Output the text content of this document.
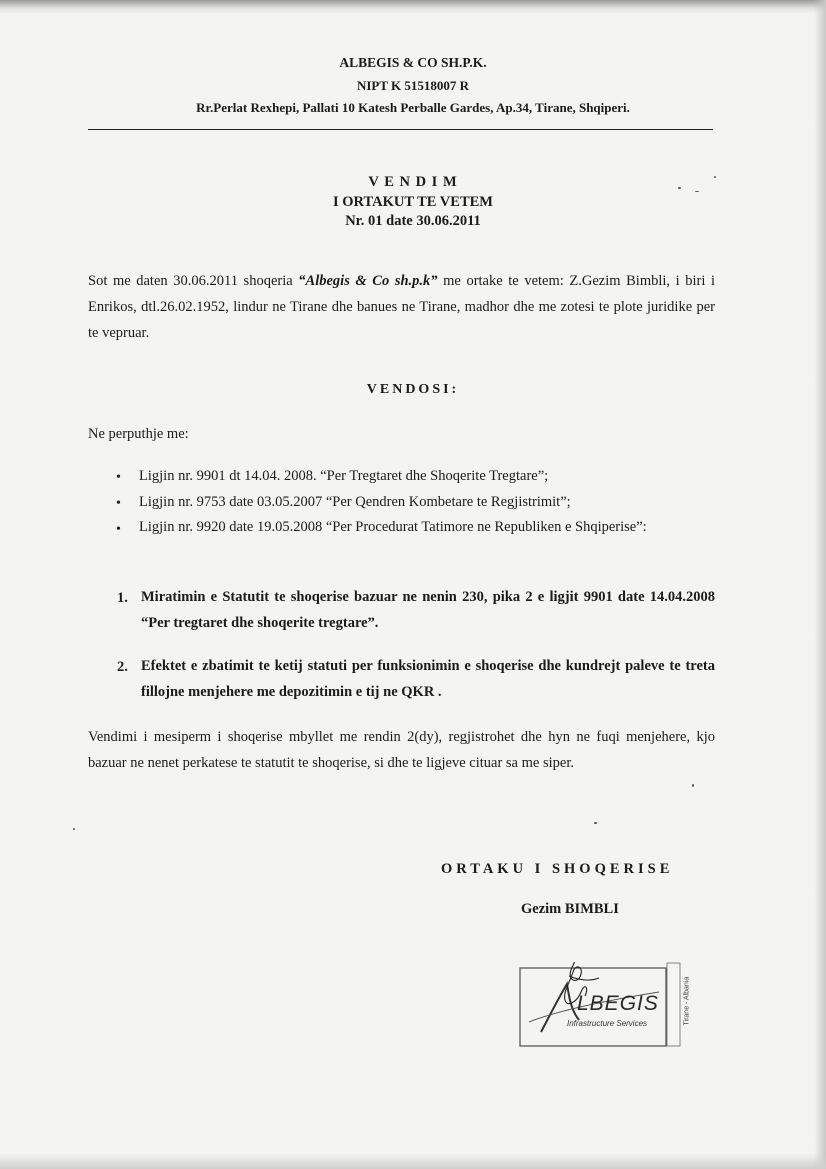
ALBEGIS & CO SH.P.K.
NIPT K 51518007 R
Rr.Perlat Rexhepi, Pallati 10 Katesh Perballe Gardes, Ap.34, Tirane, Shqiperi.
V E N D I M
I ORTAKUT TE VETEM
Nr. 01 date 30.06.2011
Sot me daten 30.06.2011 shoqeria “Albegis & Co sh.p.k” me ortake te vetem: Z.Gezim Bimbli, i biri i Enrikos, dtl.26.02.1952, lindur ne Tirane dhe banues ne Tirane, madhor dhe me zotesi te plote juridike per te vepruar.
VENDOSI:
Ne perputhje me:
• Ligjin nr. 9901 dt 14.04. 2008. “Per Tregtaret dhe Shoqerite Tregtare”;
• Ligjin nr. 9753 date 03.05.2007 “Per Qendren Kombetare te Regjistrimit”;
• Ligjin nr. 9920 date 19.05.2008 “Per Procedurat Tatimore ne Republiken e Shqiperise”:
1. Miratimin e Statutit te shoqerise bazuar ne nenin 230, pika 2 e ligjit 9901 date 14.04.2008 “Per tregtaret dhe shoqerite tregtare”.
2. Efektet e zbatimit te ketij statuti per funksionimin e shoqerise dhe kundrejt paleve te treta fillojne menjehere me depozitimin e tij ne QKR .
Vendimi i mesiperm i shoqerise mbyllet me rendin 2(dy), regjistrohet dhe hyn ne fuqi menjehere, kjo bazuar ne nenet perkatese te statutit te shoqerise, si dhe te ligjeve cituar sa me siper.
ORTAKU I SHOQERISE
Gezim BIMBLI
LBEGIS
Infrastructure Services	Tirane - Albania
